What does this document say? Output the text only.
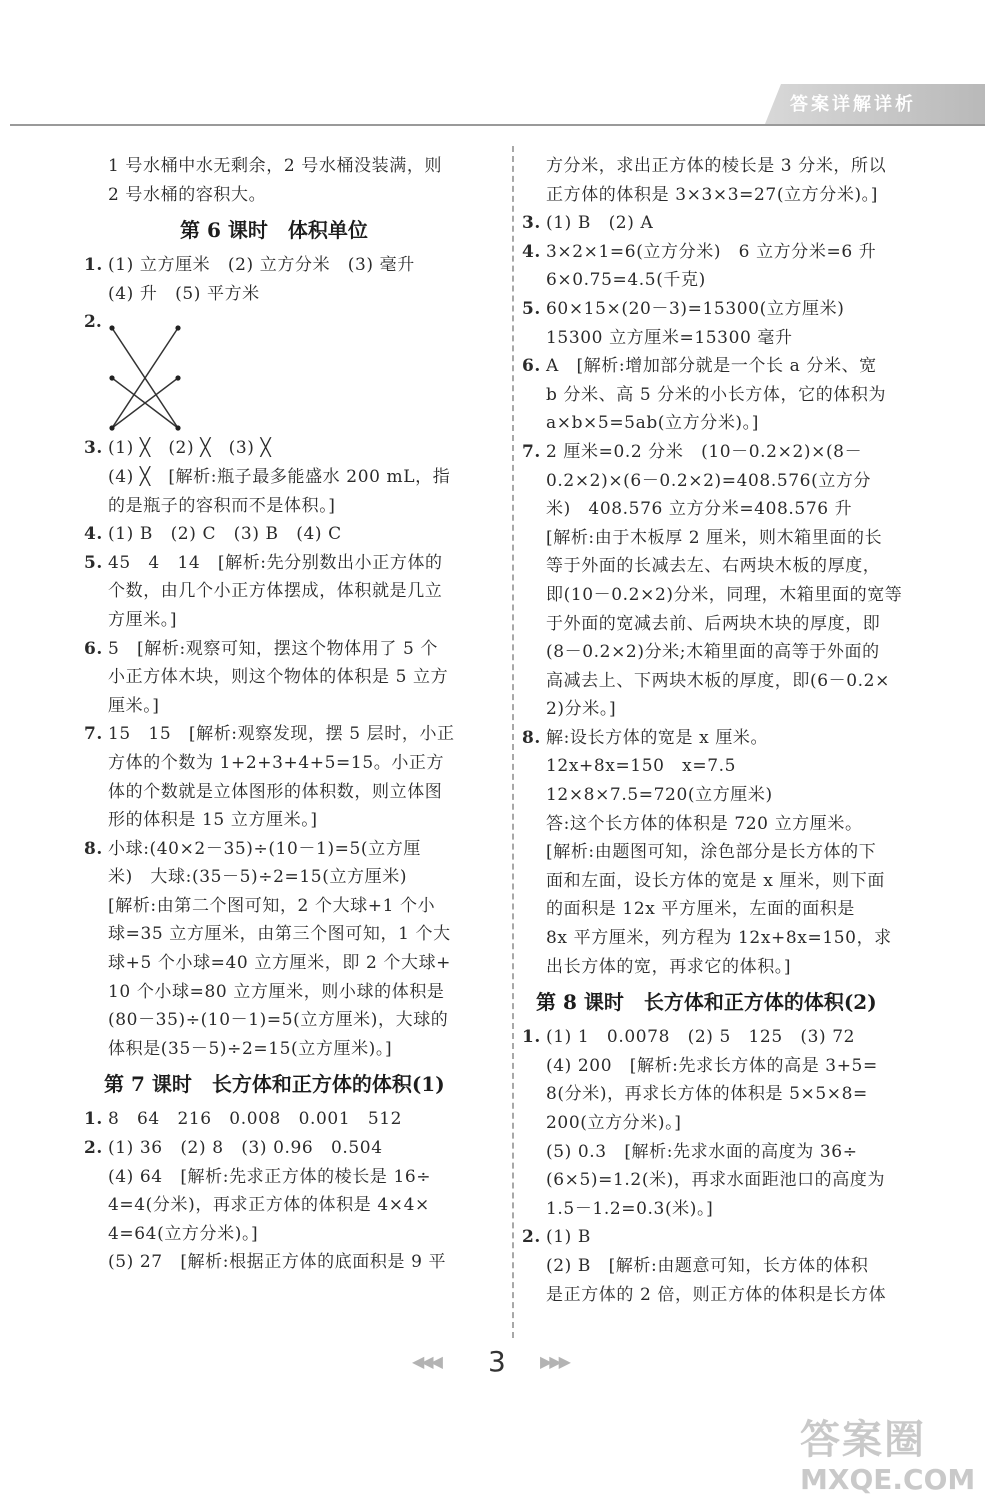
答案详解详析
1 号水桶中水无剩余，2 号水桶没装满，则
2 号水桶的容积大。
第 6 课时　体积单位
1. (1) 立方厘米　(2) 立方分米　(3) 毫升
(4) 升　(5) 平方米
2.
3. (1) ╳　(2) ╳　(3) ╳
(4) ╳　[解析:瓶子最多能盛水 200 mL，指
的是瓶子的容积而不是体积。]
4. (1) B　(2) C　(3) B　(4) C
5. 45　4　14　[解析:先分别数出小正方体的
个数，由几个小正方体摆成，体积就是几立
方厘米。]
6. 5　[解析:观察可知，摆这个物体用了 5 个
小正方体木块，则这个物体的体积是 5 立方
厘米。]
7. 15　15　[解析:观察发现，摆 5 层时，小正
方体的个数为 1+2+3+4+5=15。小正方
体的个数就是立体图形的体积数，则立体图
形的体积是 15 立方厘米。]
8. 小球:(40×2－35)÷(10－1)=5(立方厘
米)　大球:(35－5)÷2=15(立方厘米)
[解析:由第二个图可知，2 个大球+1 个小
球=35 立方厘米，由第三个图可知，1 个大
球+5 个小球=40 立方厘米，即 2 个大球+
10 个小球=80 立方厘米，则小球的体积是
(80－35)÷(10－1)=5(立方厘米)，大球的
体积是(35－5)÷2=15(立方厘米)。]
第 7 课时　长方体和正方体的体积(1)
1. 8　64　216　0.008　0.001　512
2. (1) 36　(2) 8　(3) 0.96　0.504
(4) 64　[解析:先求正方体的棱长是 16÷
4=4(分米)，再求正方体的体积是 4×4×
4=64(立方分米)。]
(5) 27　[解析:根据正方体的底面积是 9 平
方分米，求出正方体的棱长是 3 分米，所以
正方体的体积是 3×3×3=27(立方分米)。]
3. (1) B　(2) A
4. 3×2×1=6(立方分米)　6 立方分米=6 升
6×0.75=4.5(千克)
5. 60×15×(20－3)=15300(立方厘米)
15300 立方厘米=15300 毫升
6. A　[解析:增加部分就是一个长 a 分米、宽
b 分米、高 5 分米的小长方体，它的体积为
a×b×5=5ab(立方分米)。]
7. 2 厘米=0.2 分米　(10－0.2×2)×(8－
0.2×2)×(6－0.2×2)=408.576(立方分
米)　408.576 立方分米=408.576 升
[解析:由于木板厚 2 厘米，则木箱里面的长
等于外面的长减去左、右两块木板的厚度，
即(10－0.2×2)分米，同理，木箱里面的宽等
于外面的宽减去前、后两块木块的厚度，即
(8－0.2×2)分米;木箱里面的高等于外面的
高减去上、下两块木板的厚度，即(6－0.2×
2)分米。]
8. 解:设长方体的宽是 x 厘米。
12x+8x=150　x=7.5
12×8×7.5=720(立方厘米)
答:这个长方体的体积是 720 立方厘米。
[解析:由题图可知，涂色部分是长方体的下
面和左面，设长方体的宽是 x 厘米，则下面
的面积是 12x 平方厘米，左面的面积是
8x 平方厘米，列方程为 12x+8x=150，求
出长方体的宽，再求它的体积。]
第 8 课时　长方体和正方体的体积(2)
1. (1) 1　0.0078　(2) 5　125　(3) 72
(4) 200　[解析:先求长方体的高是 3+5=
8(分米)，再求长方体的体积是 5×5×8=
200(立方分米)。]
(5) 0.3　[解析:先求水面的高度为 36÷
(6×5)=1.2(米)，再求水面距池口的高度为
1.5－1.2=0.3(米)。]
2. (1) B
(2) B　[解析:由题意可知，长方体的体积
是正方体的 2 倍，则正方体的体积是长方体
◀◀◀ 3 ▶▶▶
答案圈
MXQE.COM
